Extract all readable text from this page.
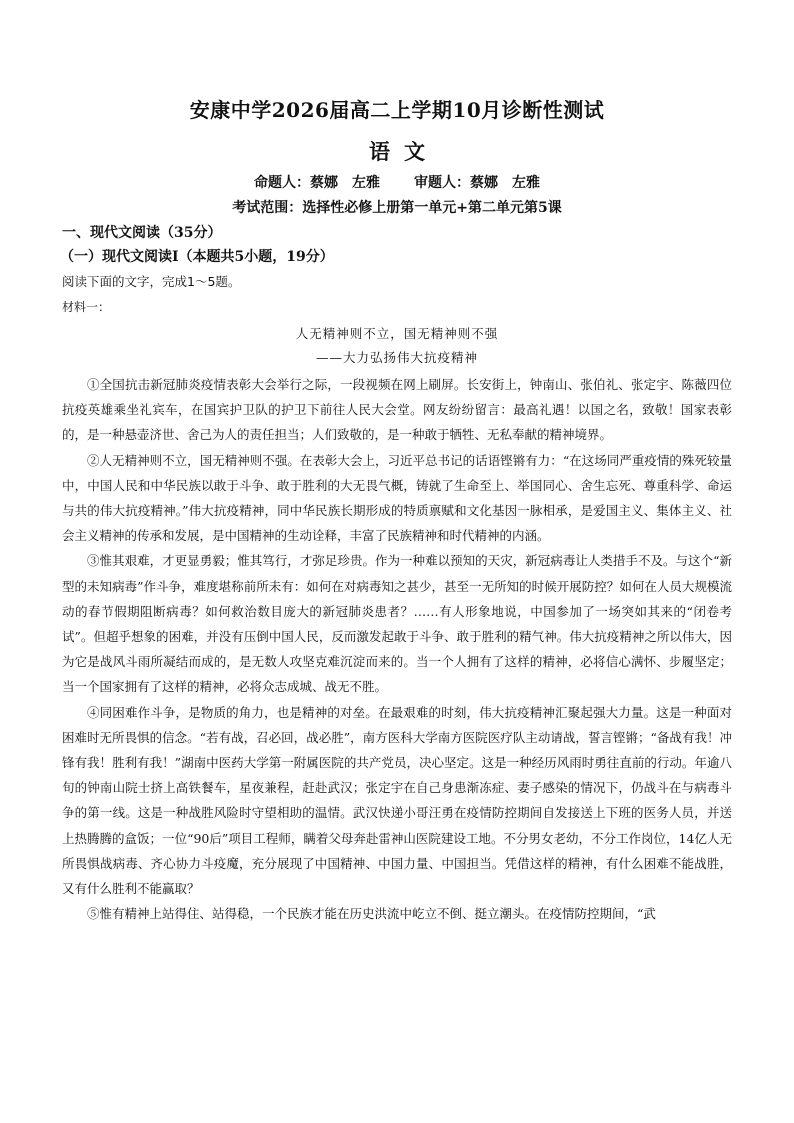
安康中学2026届高二上学期10月诊断性测试
语文
命题人：蔡娜　左雅 审题人：蔡娜　左雅
考试范围：选择性必修上册第一单元+第二单元第5课
一、现代文阅读（35分）
（一）现代文阅读Ⅰ（本题共5小题，19分）
阅读下面的文字，完成1～5题。
材料一：
人无精神则不立，国无精神则不强
——大力弘扬伟大抗疫精神

①全国抗击新冠肺炎疫情表彰大会举行之际，一段视频在网上刷屏。长安街上，钟南山、张伯礼、张定宇、陈薇四位抗疫英雄乘坐礼宾车，在国宾护卫队的护卫下前往人民大会堂。网友纷纷留言：最高礼遇！以国之名，致敬！国家表彰的，是一种悬壶济世、舍己为人的责任担当；人们致敬的，是一种敢于牺牲、无私奉献的精神境界。

②人无精神则不立，国无精神则不强。在表彰大会上，习近平总书记的话语铿锵有力：“在这场同严重疫情的殊死较量中，中国人民和中华民族以敢于斗争、敢于胜利的大无畏气概，铸就了生命至上、举国同心、舍生忘死、尊重科学、命运与共的伟大抗疫精神。”伟大抗疫精神，同中华民族长期形成的特质禀赋和文化基因一脉相承，是爱国主义、集体主义、社会主义精神的传承和发展，是中国精神的生动诠释，丰富了民族精神和时代精神的内涵。

③惟其艰难，才更显勇毅；惟其笃行，才弥足珍贵。作为一种难以预知的天灾，新冠病毒让人类措手不及。与这个“新型的未知病毒”作斗争，难度堪称前所未有：如何在对病毒知之甚少，甚至一无所知的时候开展防控？如何在人员大规模流动的春节假期阻断病毒？如何救治数目庞大的新冠肺炎患者？……有人形象地说，中国参加了一场突如其来的“闭卷考试”。但超乎想象的困难，并没有压倒中国人民，反而激发起敢于斗争、敢于胜利的精气神。伟大抗疫精神之所以伟大，因为它是战风斗雨所凝结而成的，是无数人攻坚克难沉淀而来的。当一个人拥有了这样的精神，必将信心满怀、步履坚定；当一个国家拥有了这样的精神，必将众志成城、战无不胜。

④同困难作斗争，是物质的角力，也是精神的对垒。在最艰难的时刻，伟大抗疫精神汇聚起强大力量。这是一种面对困难时无所畏惧的信念。“若有战，召必回，战必胜”，南方医科大学南方医院医疗队主动请战，誓言铿锵；“备战有我！冲锋有我！胜利有我！”湖南中医药大学第一附属医院的共产党员，决心坚定。这是一种经历风雨时勇往直前的行动。年逾八旬的钟南山院士挤上高铁餐车，星夜兼程，赶赴武汉；张定宇在自己身患渐冻症、妻子感染的情况下，仍战斗在与病毒斗争的第一线。这是一种战胜风险时守望相助的温情。武汉快递小哥汪勇在疫情防控期间自发接送上下班的医务人员，并送上热腾腾的盒饭；一位“90后”项目工程师，瞒着父母奔赴雷神山医院建设工地。不分男女老幼，不分工作岗位，14亿人无所畏惧战病毒、齐心协力斗疫魔，充分展现了中国精神、中国力量、中国担当。凭借这样的精神，有什么困难不能战胜，又有什么胜利不能赢取？

⑤惟有精神上站得住、站得稳，一个民族才能在历史洪流中屹立不倒、挺立潮头。在疫情防控期间，“武
